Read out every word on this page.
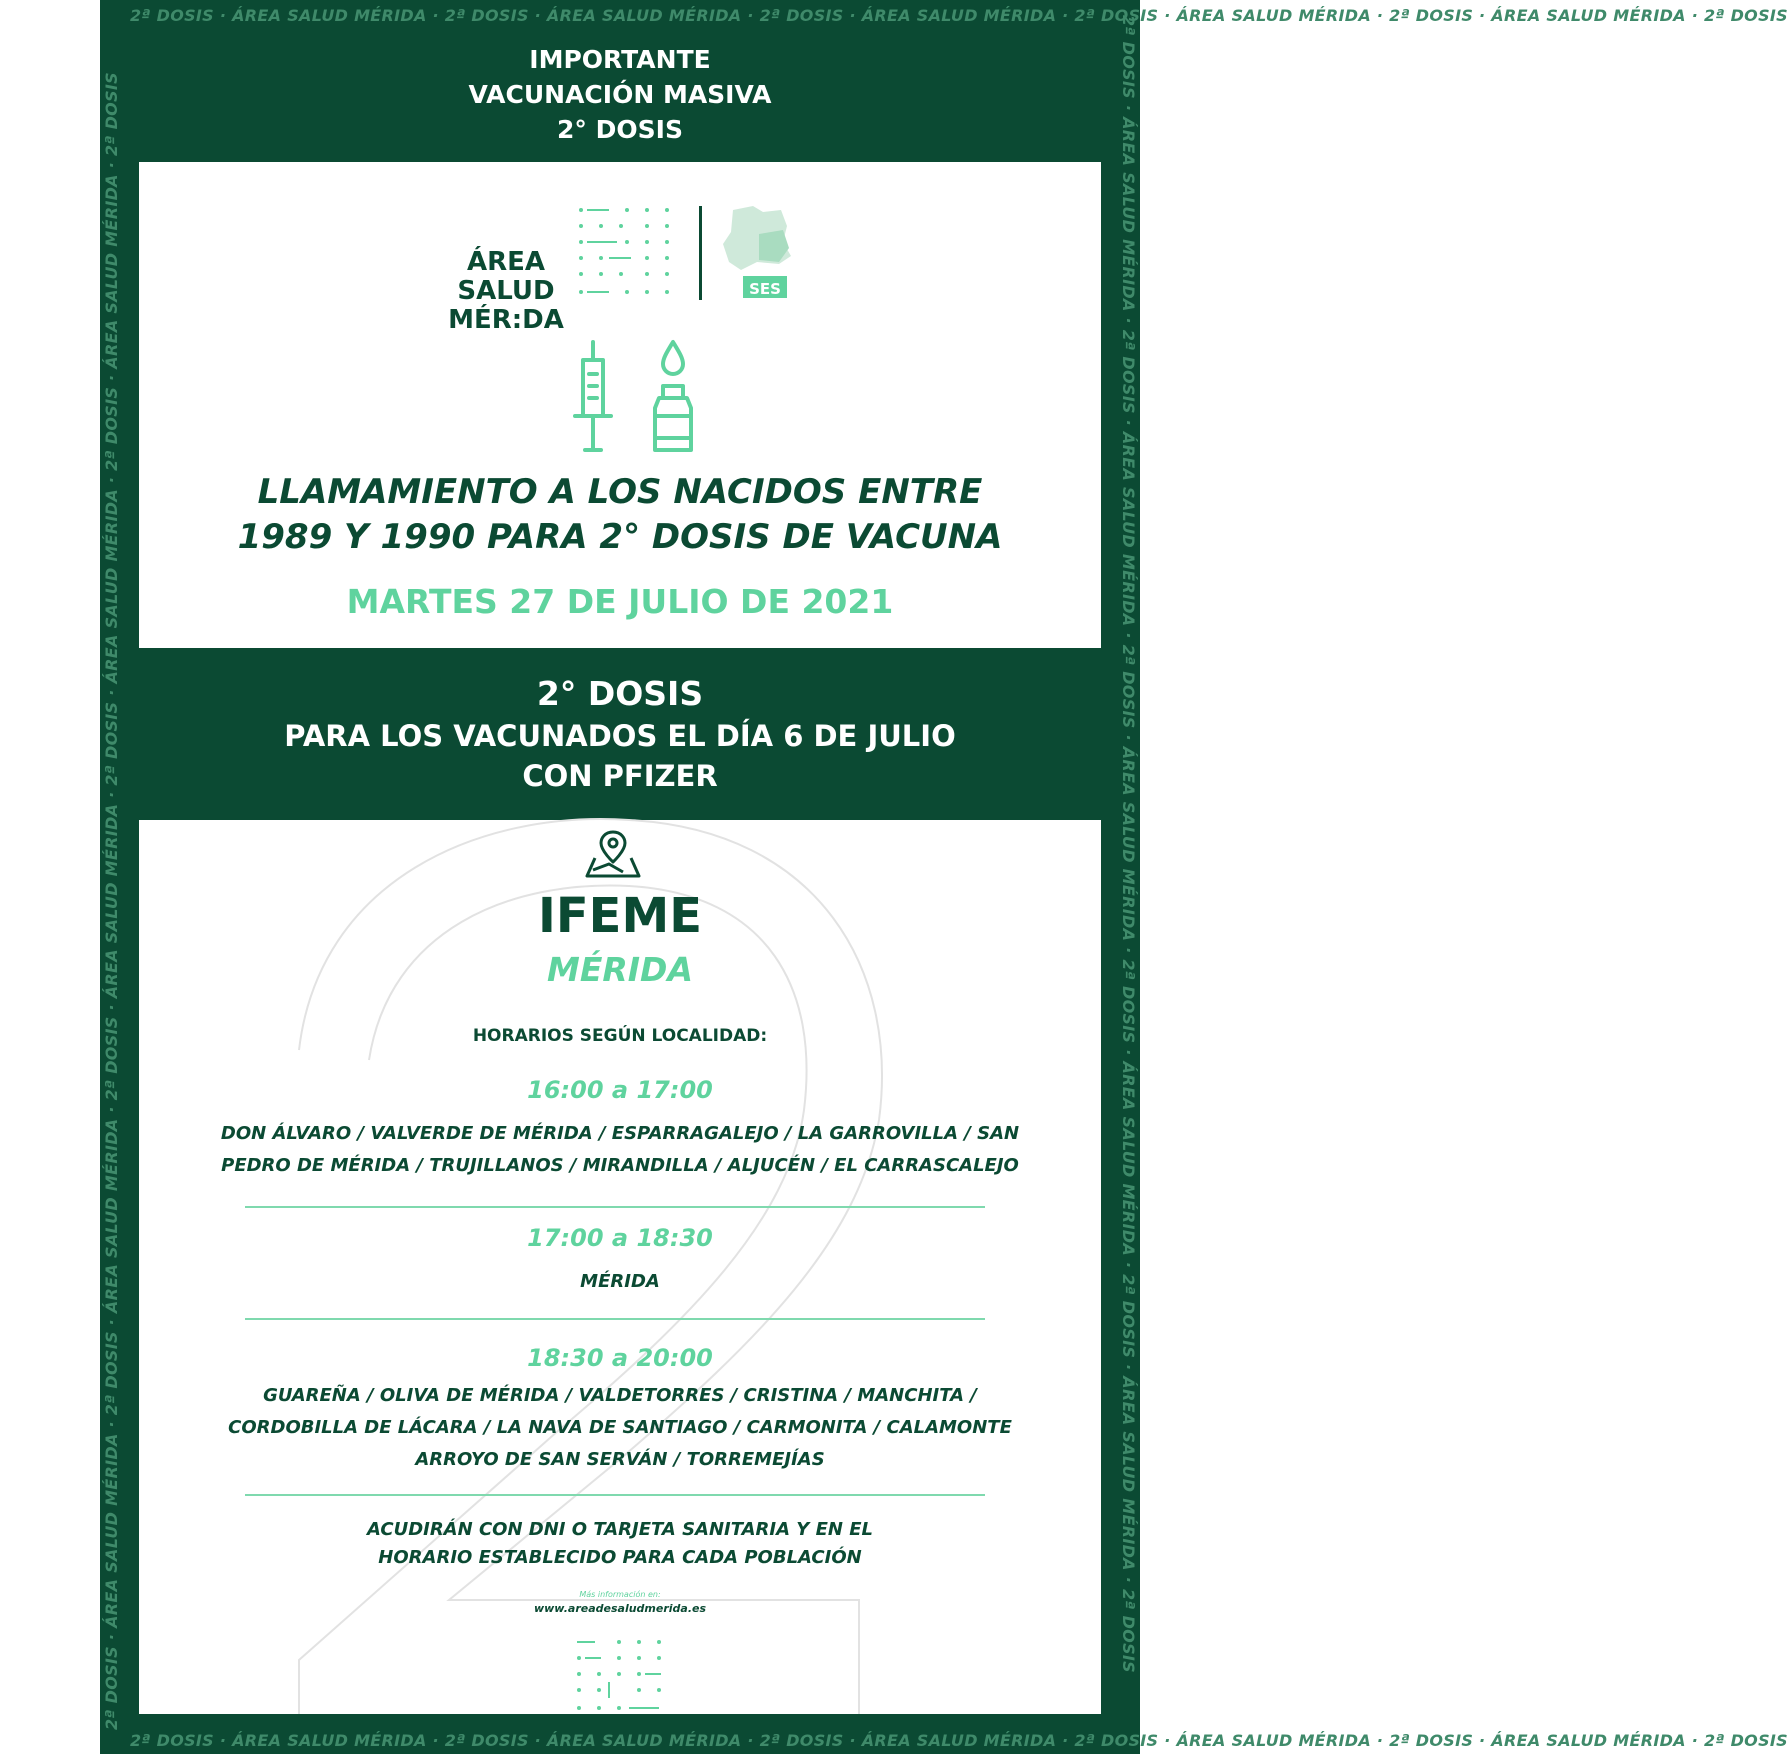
2ª DOSIS · ÁREA SALUD MÉRIDA · 2ª DOSIS · ÁREA SALUD MÉRIDA · 2ª DOSIS · ÁREA SALUD MÉRIDA · 2ª DOSIS · ÁREA SALUD MÉRIDA · 2ª DOSIS · ÁREA SALUD MÉRIDA · 2ª DOSIS
2ª DOSIS · ÁREA SALUD MÉRIDA · 2ª DOSIS · ÁREA SALUD MÉRIDA · 2ª DOSIS · ÁREA SALUD MÉRIDA · 2ª DOSIS · ÁREA SALUD MÉRIDA · 2ª DOSIS · ÁREA SALUD MÉRIDA · 2ª DOSIS
2ª DOSIS · ÁREA SALUD MÉRIDA · 2ª DOSIS · ÁREA SALUD MÉRIDA · 2ª DOSIS · ÁREA SALUD MÉRIDA · 2ª DOSIS · ÁREA SALUD MÉRIDA · 2ª DOSIS · ÁREA SALUD MÉRIDA · 2ª DOSIS	2ª DOSIS · ÁREA SALUD MÉRIDA · 2ª DOSIS · ÁREA SALUD MÉRIDA · 2ª DOSIS · ÁREA SALUD MÉRIDA · 2ª DOSIS · ÁREA SALUD MÉRIDA · 2ª DOSIS · ÁREA SALUD MÉRIDA · 2ª DOSIS
IMPORTANTE
VACUNACIÓN MASIVA
2° DOSIS
ÁREA
SALUD
MÉR:DA
SES
LLAMAMIENTO A LOS NACIDOS ENTRE
1989 Y 1990 PARA 2° DOSIS DE VACUNA
MARTES 27 DE JULIO DE 2021
2° DOSIS
PARA LOS VACUNADOS EL DÍA 6 DE JULIO
CON PFIZER
IFEME
MÉRIDA
HORARIOS SEGÚN LOCALIDAD:
16:00 a 17:00
DON ÁLVARO / VALVERDE DE MÉRIDA / ESPARRAGALEJO / LA GARROVILLA / SAN
PEDRO DE MÉRIDA / TRUJILLANOS / MIRANDILLA / ALJUCÉN / EL CARRASCALEJO
17:00 a 18:30
MÉRIDA
18:30 a 20:00
GUAREÑA / OLIVA DE MÉRIDA / VALDETORRES / CRISTINA / MANCHITA /
CORDOBILLA DE LÁCARA / LA NAVA DE SANTIAGO / CARMONITA / CALAMONTE
ARROYO DE SAN SERVÁN / TORREMEJÍAS
ACUDIRÁN CON DNI O TARJETA SANITARIA Y EN EL
HORARIO ESTABLECIDO PARA CADA POBLACIÓN
Más información en:
www.areadesaludmerida.es
